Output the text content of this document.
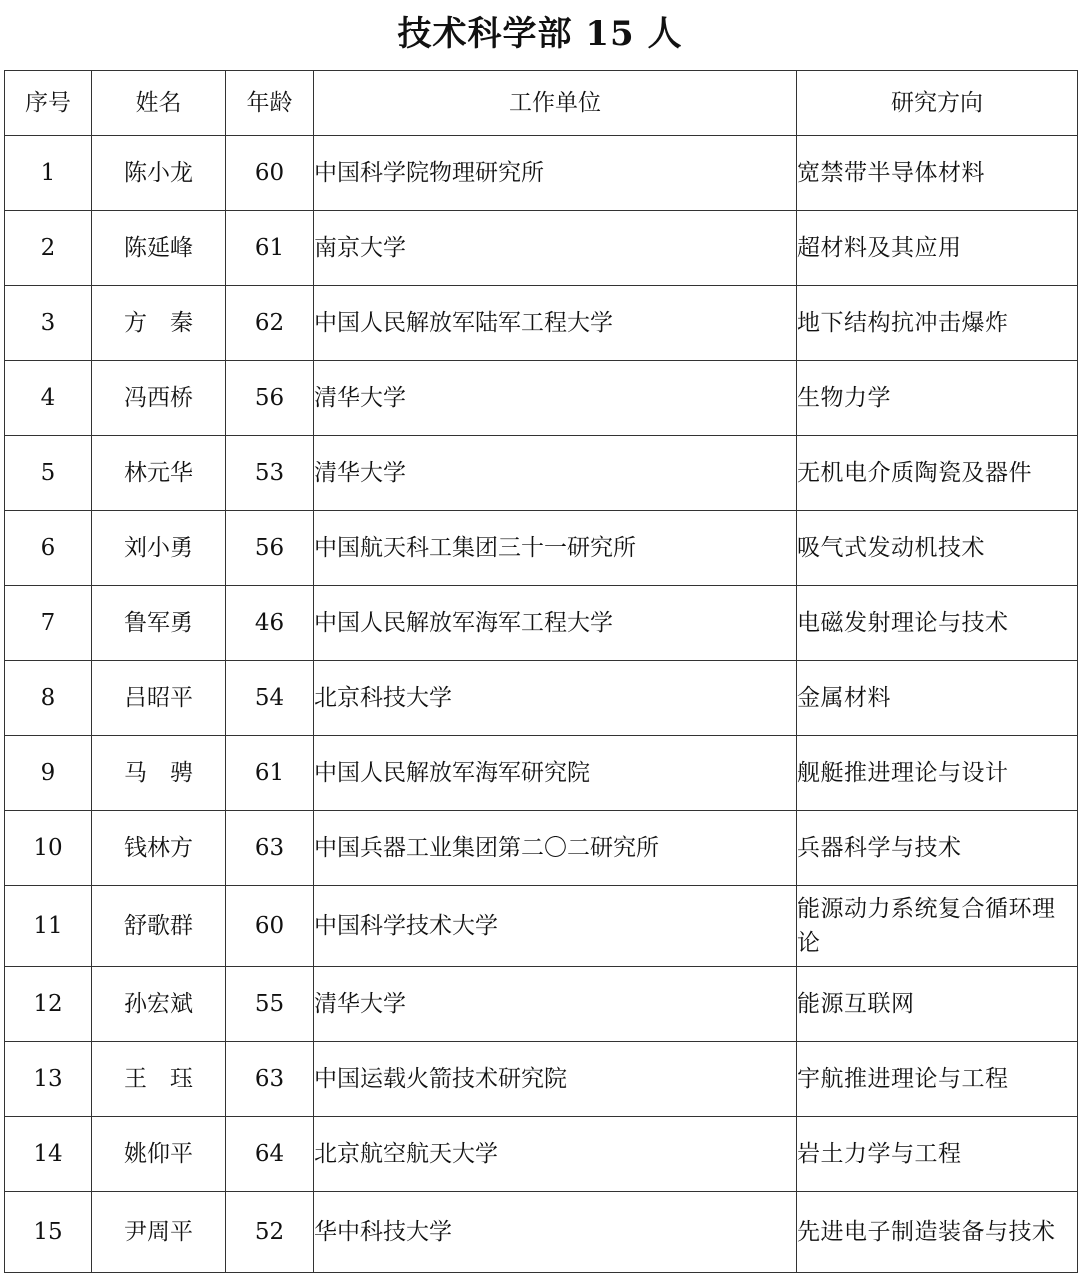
技术科学部 15 人
序号	姓名	年龄	工作单位	研究方向
1	陈小龙	60	中国科学院物理研究所	宽禁带半导体材料
2	陈延峰	61	南京大学	超材料及其应用
3	方　秦	62	中国人民解放军陆军工程大学	地下结构抗冲击爆炸
4	冯西桥	56	清华大学	生物力学
5	林元华	53	清华大学	无机电介质陶瓷及器件
6	刘小勇	56	中国航天科工集团三十一研究所	吸气式发动机技术
7	鲁军勇	46	中国人民解放军海军工程大学	电磁发射理论与技术
8	吕昭平	54	北京科技大学	金属材料
9	马　骋	61	中国人民解放军海军研究院	舰艇推进理论与设计
10	钱林方	63	中国兵器工业集团第二〇二研究所	兵器科学与技术
11	舒歌群	60	中国科学技术大学	能源动力系统复合循环理论
12	孙宏斌	55	清华大学	能源互联网
13	王　珏	63	中国运载火箭技术研究院	宇航推进理论与工程
14	姚仰平	64	北京航空航天大学	岩土力学与工程
15	尹周平	52	华中科技大学	先进电子制造装备与技术
